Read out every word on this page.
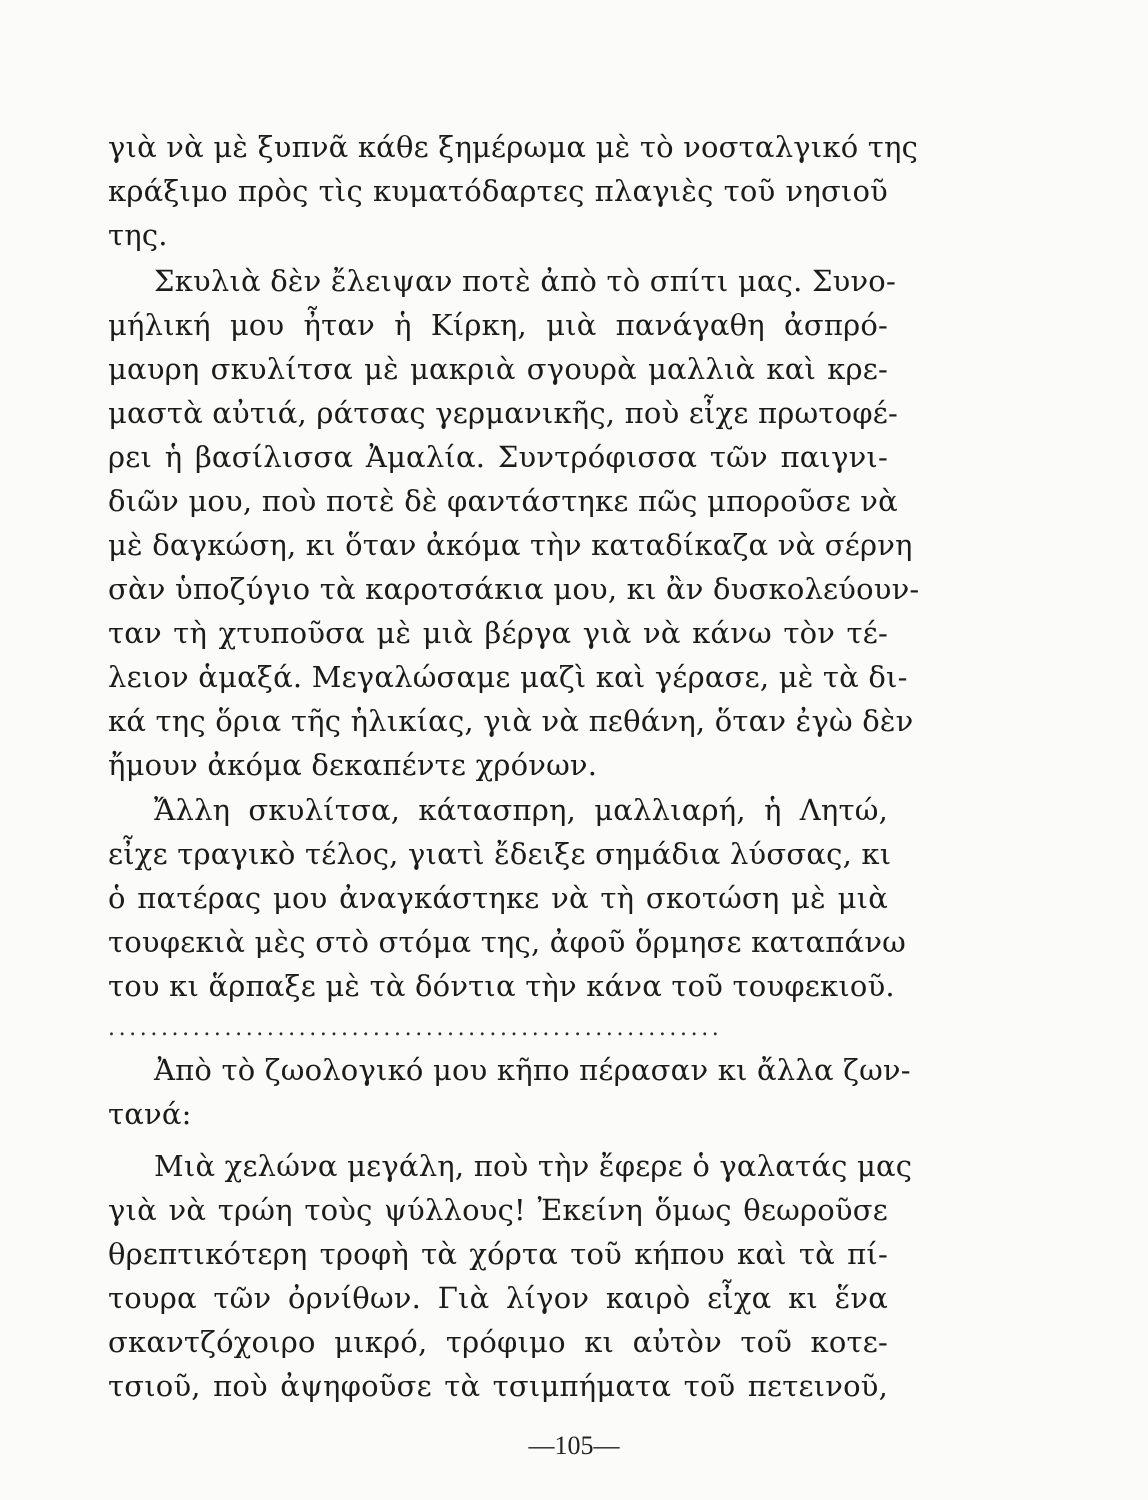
γιὰ νὰ μὲ ξυπνᾶ κάθε ξημέρωμα μὲ τὸ νοσταλγικό της
κράξιμο πρὸς τὶς κυματόδαρτες πλαγιὲς τοῦ νησιοῦ
της.
Σκυλιὰ δὲν ἔλειψαν ποτὲ ἀπὸ τὸ σπίτι μας. Συνο-
μήλική μου ἦταν ἡ Κίρκη, μιὰ πανάγαθη ἀσπρό-
μαυρη σκυλίτσα μὲ μακριὰ σγουρὰ μαλλιὰ καὶ κρε-
μαστὰ αὐτιά, ράτσας γερμανικῆς, ποὺ εἶχε πρωτοφέ-
ρει ἡ βασίλισσα Ἀμαλία. Συντρόφισσα τῶν παιγνι-
διῶν μου, ποὺ ποτὲ δὲ φαντάστηκε πῶς μποροῦσε νὰ
μὲ δαγκώση, κι ὅταν ἀκόμα τὴν καταδίκαζα νὰ σέρνη
σὰν ὑποζύγιο τὰ καροτσάκια μου, κι ἂν δυσκολεύουν-
ταν τὴ χτυποῦσα μὲ μιὰ βέργα γιὰ νὰ κάνω τὸν τέ-
λειον ἁμαξά. Μεγαλώσαμε μαζὶ καὶ γέρασε, μὲ τὰ δι-
κά της ὅρια τῆς ἡλικίας, γιὰ νὰ πεθάνη, ὅταν ἐγὼ δὲν
ἤμουν ἀκόμα δεκαπέντε χρόνων.
Ἄλλη σκυλίτσα, κάτασπρη, μαλλιαρή, ἡ Λητώ,
εἶχε τραγικὸ τέλος, γιατὶ ἔδειξε σημάδια λύσσας, κι
ὁ πατέρας μου ἀναγκάστηκε νὰ τὴ σκοτώση μὲ μιὰ
τουφεκιὰ μὲς στὸ στόμα της, ἀφοῦ ὅρμησε καταπάνω
του κι ἅρπαξε μὲ τὰ δόντια τὴν κάνα τοῦ τουφεκιοῦ.
..........................................................
Ἀπὸ τὸ ζωολογικό μου κῆπο πέρασαν κι ἄλλα ζων-
τανά:
Μιὰ χελώνα μεγάλη, ποὺ τὴν ἔφερε ὁ γαλατάς μας
γιὰ νὰ τρώη τοὺς ψύλλους! Ἐκείνη ὅμως θεωροῦσε
θρεπτικότερη τροφὴ τὰ χόρτα τοῦ κήπου καὶ τὰ πί-
τουρα τῶν ὀρνίθων. Γιὰ λίγον καιρὸ εἶχα κι ἕνα
σκαντζόχοιρο μικρό, τρόφιμο κι αὐτὸν τοῦ κοτε-
τσιοῦ, ποὺ ἀψηφοῦσε τὰ τσιμπήματα τοῦ πετεινοῦ,
—105—
